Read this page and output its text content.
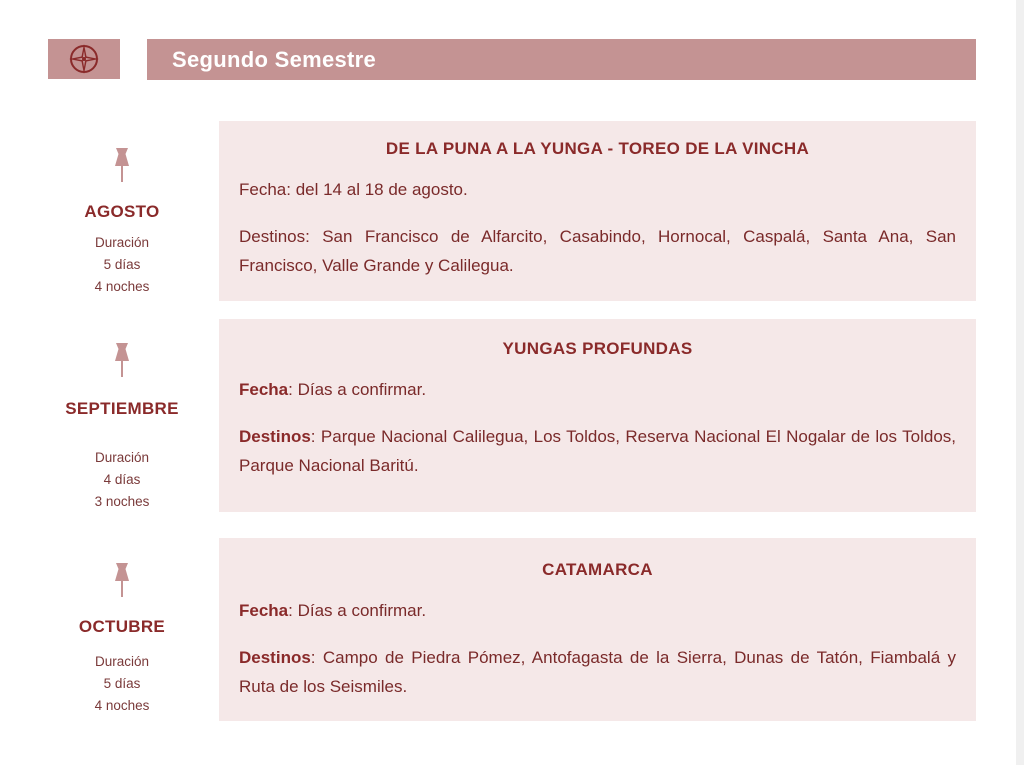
Segundo Semestre
AGOSTO
Duración
5 días
4 noches
DE LA PUNA A LA YUNGA - TOREO DE LA VINCHA
Fecha: del 14 al 18 de agosto.
Destinos: San Francisco de Alfarcito, Casabindo, Hornocal, Caspalá, Santa Ana, San Francisco, Valle Grande y Calilegua.
SEPTIEMBRE
Duración
4 días
3 noches
YUNGAS PROFUNDAS
Fecha: Días a confirmar.
Destinos: Parque Nacional Calilegua, Los Toldos, Reserva Nacional El Nogalar de los Toldos, Parque Nacional Baritú.
OCTUBRE
Duración
5 días
4 noches
CATAMARCA
Fecha: Días a confirmar.
Destinos: Campo de Piedra Pómez, Antofagasta de la Sierra, Dunas de Tatón, Fiambalá y Ruta de los Seismiles.
